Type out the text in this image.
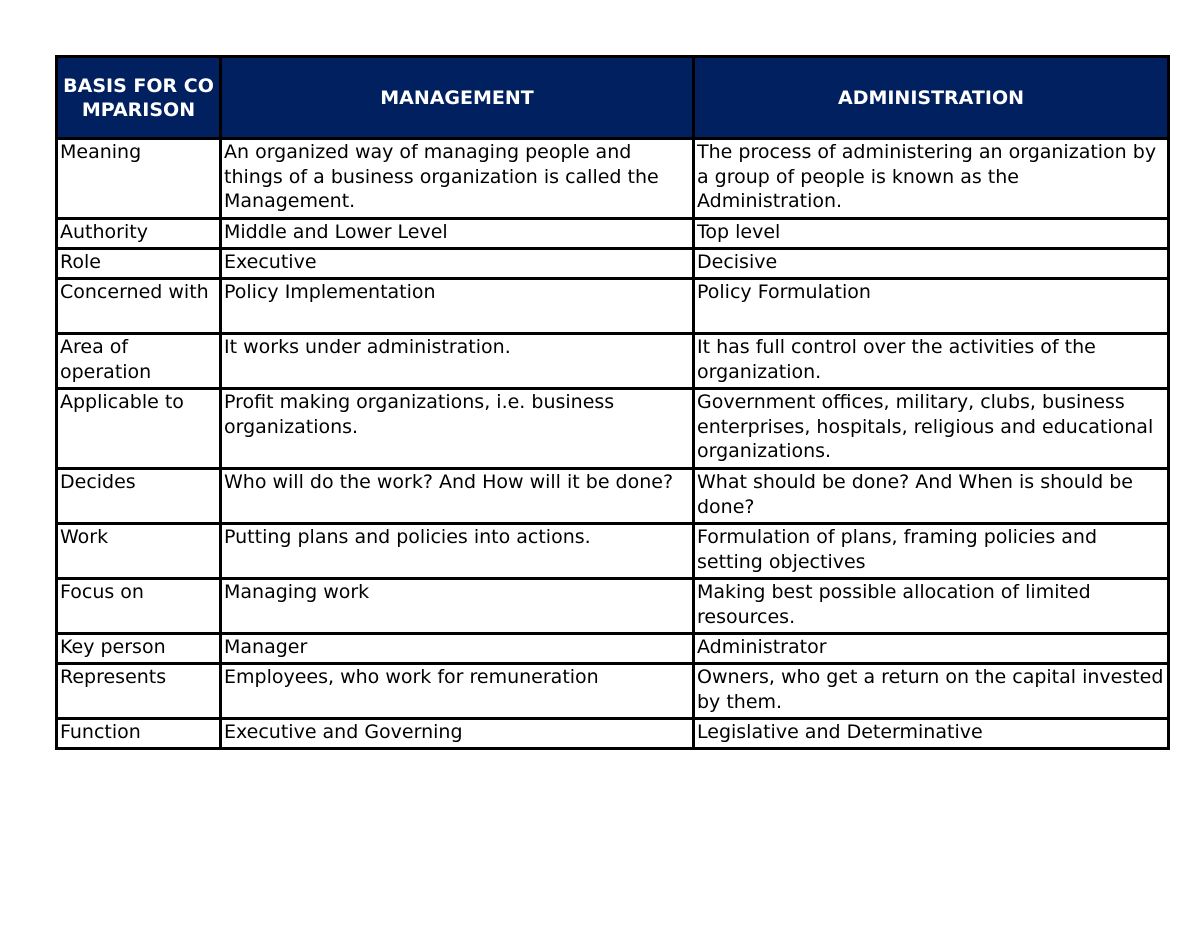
BASIS FOR COMPARISON	MANAGEMENT	ADMINISTRATION
Meaning	An organized way of managing people and things of a business organization is called the Management.	The process of administering an organization by a group of people is known as the Administration.
Authority	Middle and Lower Level	Top level
Role	Executive	Decisive
Concerned with	Policy Implementation	Policy Formulation
Area of operation	It works under administration.	It has full control over the activities of the organization.
Applicable to	Profit making organizations, i.e. business organizations.	Government offices, military, clubs, business enterprises, hospitals, religious and educational organizations.
Decides	Who will do the work? And How will it be done?	What should be done? And When is should be done?
Work	Putting plans and policies into actions.	Formulation of plans, framing policies and setting objectives
Focus on	Managing work	Making best possible allocation of limited resources.
Key person	Manager	Administrator
Represents	Employees, who work for remuneration	Owners, who get a return on the capital invested by them.
Function	Executive and Governing	Legislative and Determinative
